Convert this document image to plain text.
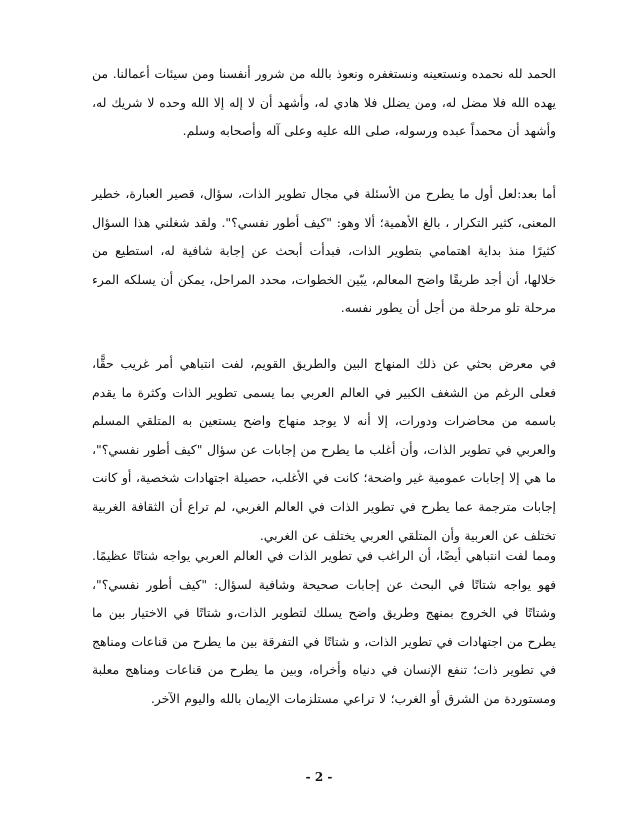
الحمد لله نحمده ونستعينه ونستغفره ونعوذ بالله من شرور أنفسنا ومن سيئات أعمالنا. من يهده الله فلا مضل له، ومن يضلل فلا هادي له، وأشهد أن لا إله إلا الله وحده لا شريك له، وأشهد أن محمداً عبده ورسوله، صلى الله عليه وعلى آله وأصحابه وسلم.

أما بعد:لعل أول ما يطرح من الأسئلة في مجال تطوير الذات، سؤال، قصير العبارة، خطير المعنى، كثير التكرار ، بالغ الأهمية؛ ألا وهو: "كيف أطور نفسي؟". ولقد شغلني هذا السؤال كثيرًا منذ بداية اهتمامي بتطوير الذات، فبدأت أبحث عن إجابة شافية له، استطيع من خلالها، أن أجد طريقًا واضح المعالم، يبّين الخطوات، محدد المراحل، يمكن أن يسلكه المرء مرحلة تلو مرحلة من أجل أن يطور نفسه.

في معرض بحثي عن ذلك المنهاج البين والطريق القويم، لفت انتباهي أمر غريب حقًّا، فعلى الرغم من الشغف الكبير في العالم العربي بما يسمى تطوير الذات وكثرة ما يقدم باسمه من محاضرات ودورات، إلا أنه لا يوجد منهاج واضح يستعين به المتلقي المسلم والعربي في تطوير الذات، وأن أغلب ما يطرح من إجابات عن سؤال "كيف أطور نفسي؟"، ما هي إلا إجابات عمومية غير واضحة؛ كانت في الأغلب، حصيلة اجتهادات شخصية، أو كانت إجابات مترجمة عما يطرح في تطوير الذات في العالم الغربي، لم تراع أن الثقافة الغربية تختلف عن العربية وأن المتلقي العربي يختلف عن الغربي.

ومما لفت انتباهي أيضًا، أن الراغب في تطوير الذات في العالم العربي يواجه شتاتًا عظيمًا. فهو يواجه شتاتًا في البحث عن إجابات صحيحة وشافية لسؤال: "كيف أطور نفسي؟"، وشتاتًا في الخروج بمنهج وطريق واضح يسلك لتطوير الذات،و شتاتًا في الاختيار بين ما يطرح من اجتهادات في تطوير الذات، و شتاتًا في التفرقة بين ما يطرح من قناعات ومناهج في تطوير ذات؛ تنفع الإنسان في دنياه وأخراه، وبين ما يطرح من قناعات ومناهج معلبة ومستوردة من الشرق أو الغرب؛ لا تراعي مستلزمات الإيمان بالله واليوم الآخر.

- 2 -
